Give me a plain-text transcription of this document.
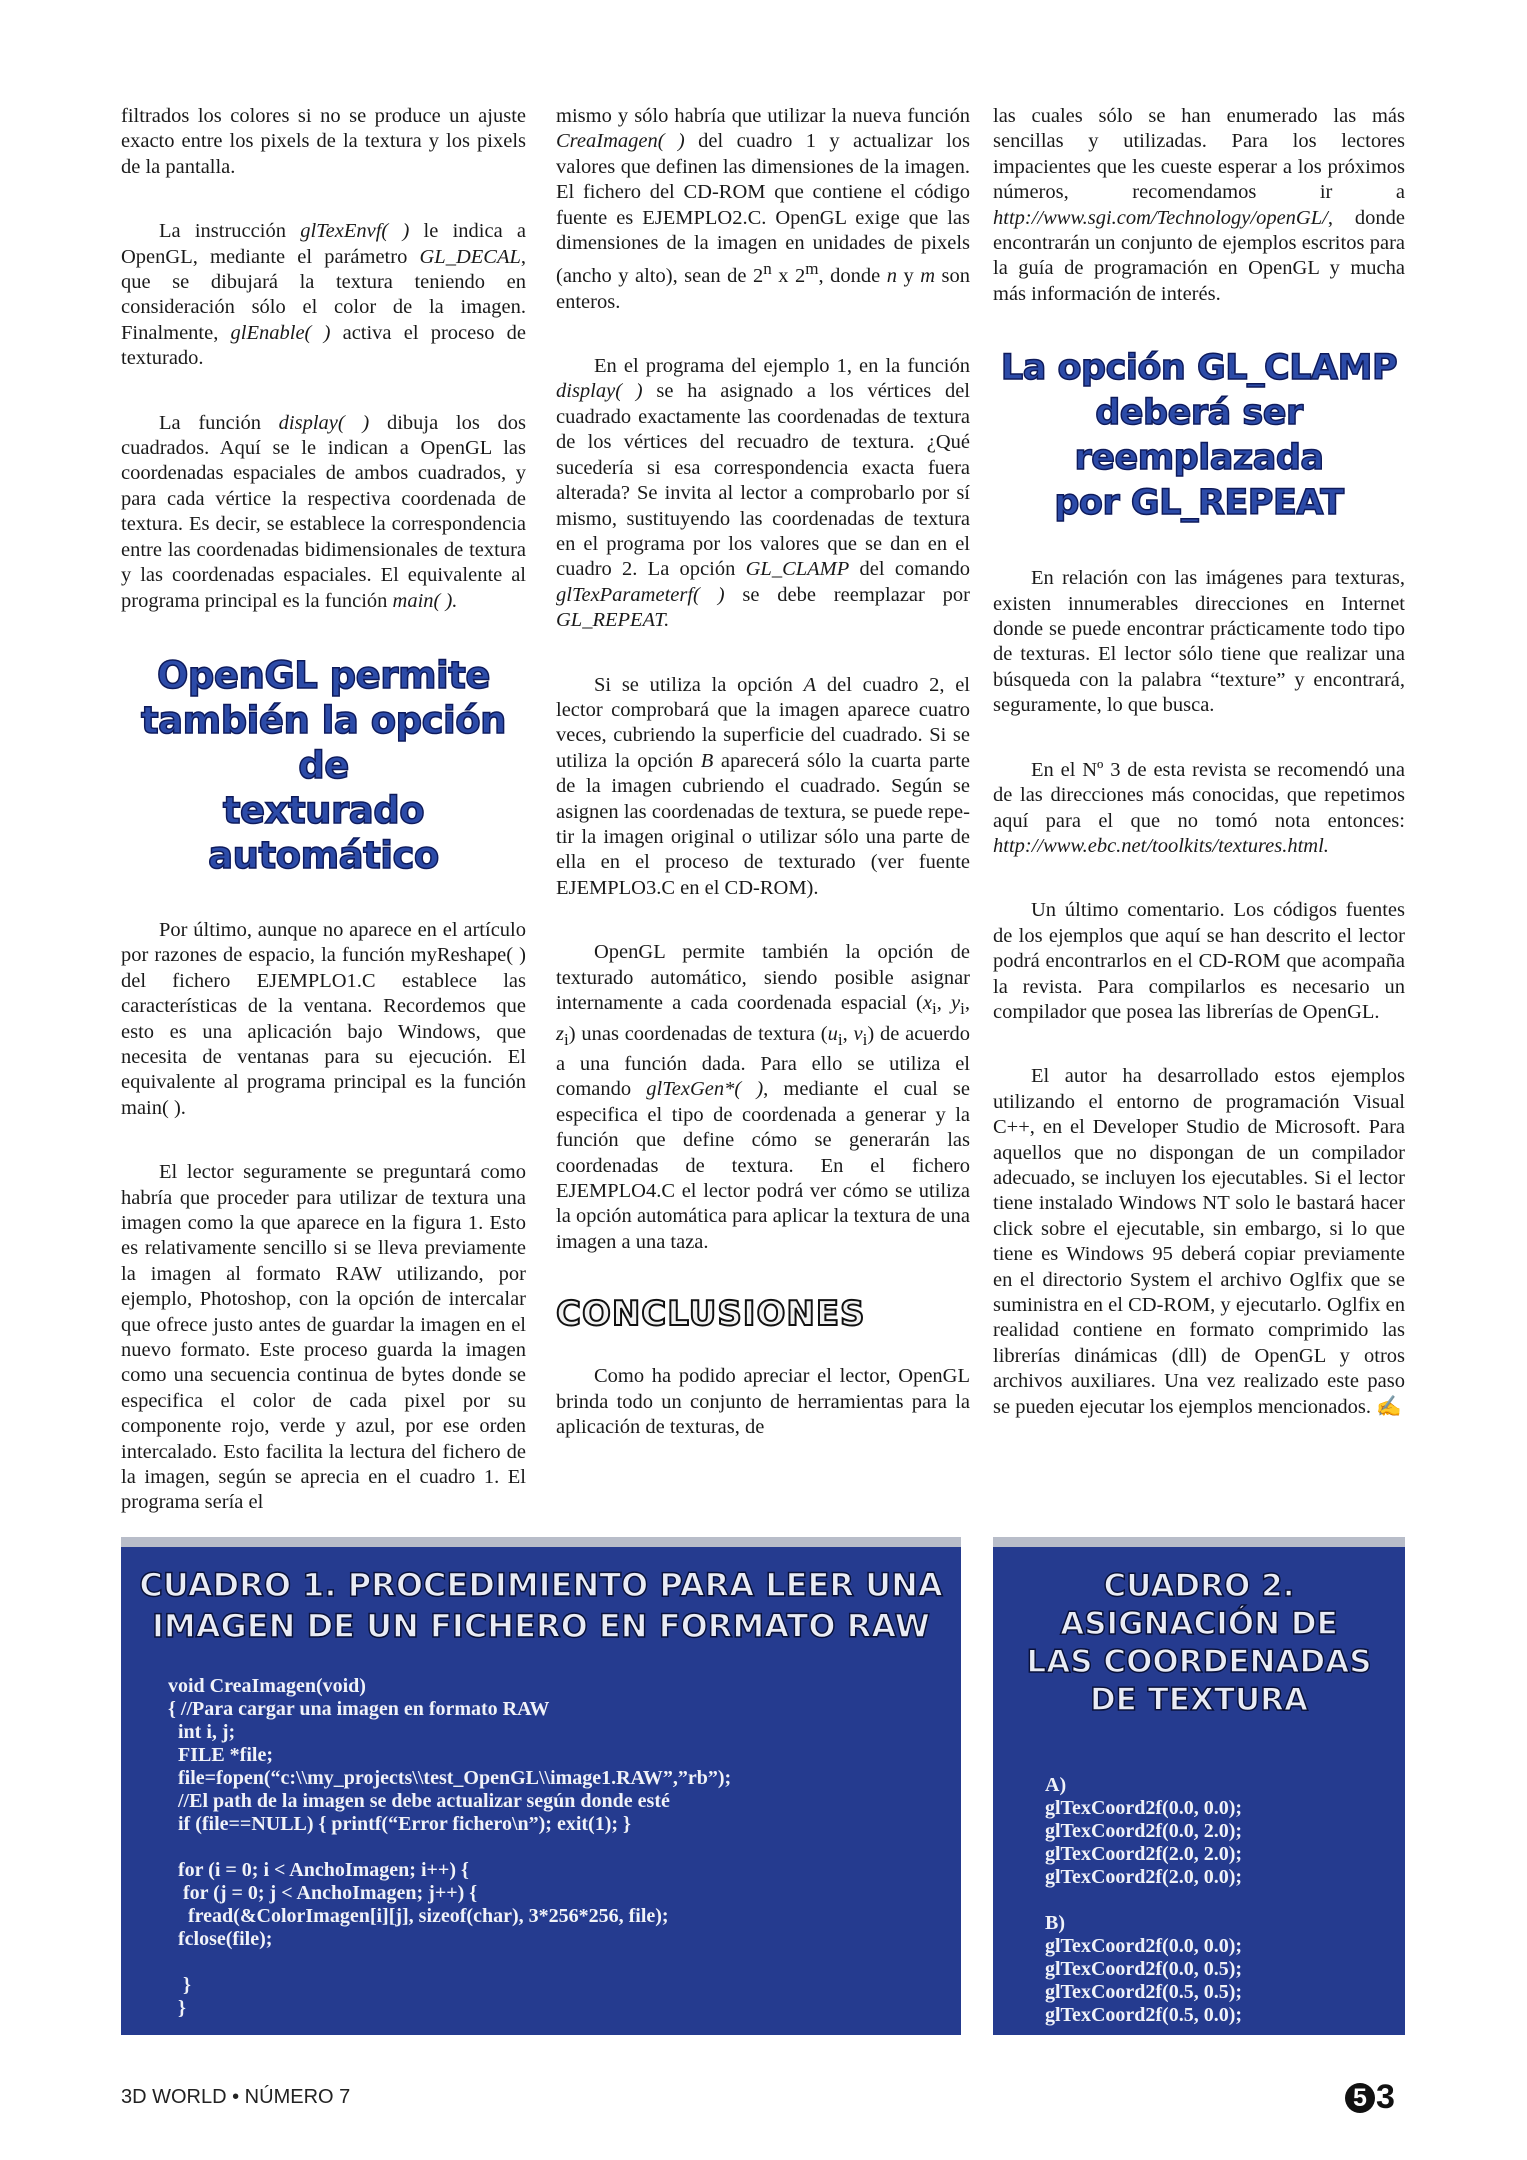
filtrados los colores si no se produce un ajuste exacto entre los pixels de la textura y los pixels de la pantalla.

La instrucción glTexEnvf( ) le indica a OpenGL, mediante el parámetro GL_DECAL, que se dibujará la textura teniendo en consideración sólo el color de la imagen. Finalmente, glEnable( ) activa el proceso de texturado.

La función display( ) dibuja los dos cuadrados. Aquí se le indican a OpenGL las coordenadas espaciales de ambos cuadrados, y para cada vértice la respectiva coordenada de textura. Es decir, se establece la correspondencia entre las coordenadas bidimensionales de textura y las coordenadas espaciales. El equivalente al programa principal es la función main( ).

OpenGL permite
también la opción de
texturado automático

Por último, aunque no aparece en el artículo por razones de espacio, la función myReshape( ) del fichero EJEMPLO1.C establece las características de la ventana. Recordemos que esto es una aplicación bajo Windows, que necesita de ventanas para su ejecución. El equivalente al programa principal es la función main( ).

El lector seguramente se preguntará como habría que proceder para utilizar de textura una imagen como la que aparece en la figura 1. Esto es relativamente sencillo si se lleva previamente la imagen al formato RAW utilizando, por ejemplo, Photoshop, con la opción de intercalar que ofrece justo antes de guardar la imagen en el nuevo formato. Este proceso guarda la imagen como una secuencia continua de bytes donde se especifica el color de cada pixel por su componente rojo, verde y azul, por ese orden intercalado. Esto facilita la lectura del fichero de la imagen, según se aprecia en el cuadro 1. El programa sería el

mismo y sólo habría que utilizar la nueva función CreaImagen( ) del cuadro 1 y actualizar los valores que definen las dimensiones de la imagen. El fichero del CD-ROM que contiene el código fuente es EJEMPLO2.C. OpenGL exige que las dimensiones de la imagen en unidades de pixels (ancho y alto), sean de 2$^n$ x 2$^m$, donde n y m son enteros.

En el programa del ejemplo 1, en la función display( ) se ha asignado a los vértices del cuadrado exactamente las coordenadas de textura de los vértices del recuadro de textura. ¿Qué sucedería si esa correspondencia exacta fuera alterada? Se invita al lector a comprobarlo por sí mismo, sustituyendo las coordenadas de textura en el programa por los valores que se dan en el cuadro 2. La opción GL_CLAMP del comando glTexParameterf( ) se debe reemplazar por GL_REPEAT.

Si se utiliza la opción A del cuadro 2, el lector comprobará que la imagen aparece cuatro veces, cubriendo la superficie del cuadrado. Si se utiliza la opción B aparecerá sólo la cuarta parte de la imagen cubriendo el cuadrado. Según se asignen las coordenadas de textura, se puede repetir la imagen original o utilizar sólo una parte de ella en el proceso de texturado (ver fuente EJEMPLO3.C en el CD-ROM).

OpenGL permite también la opción de texturado automático, siendo posible asignar internamente a cada coordenada espacial ($x_i$, $y_i$, $z_i$) unas coordenadas de textura ($u_i$, $v_i$) de acuerdo a una función dada. Para ello se utiliza el comando glTexGen*( ), mediante el cual se especifica el tipo de coordenada a generar y la función que define cómo se generarán las coordenadas de textura. En el fichero EJEMPLO4.C el lector podrá ver cómo se utiliza la opción automática para aplicar la textura de una imagen a una taza.

CONCLUSIONES

Como ha podido apreciar el lector, OpenGL brinda todo un conjunto de herramientas para la aplicación de texturas, de

las cuales sólo se han enumerado las más sencillas y utilizadas. Para los lectores impacientes que les cueste esperar a los próximos números, recomendamos ir a http://www.sgi.com/Technology/openGL/, donde encontrarán un conjunto de ejemplos escritos para la guía de programación en OpenGL y mucha más información de interés.

La opción GL_CLAMP
deberá ser reemplazada
por GL_REPEAT

En relación con las imágenes para texturas, existen innumerables direcciones en Internet donde se puede encontrar prácticamente todo tipo de texturas. El lector sólo tiene que realizar una búsqueda con la palabra “texture” y encontrará, seguramente, lo que busca.

En el Nº 3 de esta revista se recomendó una de las direcciones más conocidas, que repetimos aquí para el que no tomó nota entonces: http://www.ebc.net/toolkits/textures.html.

Un último comentario. Los códigos fuentes de los ejemplos que aquí se han descrito el lector podrá encontrarlos en el CD-ROM que acompaña la revista. Para compilarlos es necesario un compilador que posea las librerías de OpenGL.

El autor ha desarrollado estos ejemplos utilizando el entorno de programación Visual C++, en el Developer Studio de Microsoft. Para aquellos que no dispongan de un compilador adecuado, se incluyen los ejecutables. Si el lector tiene instalado Windows NT solo le bastará hacer click sobre el ejecutable, sin embargo, si lo que tiene es Windows 95 deberá copiar previamente en el directorio System el archivo Oglfix que se suministra en el CD-ROM, y ejecutarlo. Oglfix en realidad contiene en formato comprimido las librerías dinámicas (dll) de OpenGL y otros archivos auxiliares. Una vez realizado este paso se pueden ejecutar los ejemplos mencionados. ✍

CUADRO 1. PROCEDIMIENTO PARA LEER UNA
IMAGEN DE UN FICHERO EN FORMATO RAW
void CreaImagen(void)
{ //Para cargar una imagen en formato RAW
int i, j;
FILE *file;
file=fopen(“c:\\my_projects\\test_OpenGL\\image1.RAW”,”rb”);
//El path de la imagen se debe actualizar según donde esté
if (file==NULL) { printf(“Error fichero\n”); exit(1); }

for (i = 0; i < AnchoImagen; i++) {
for (j = 0; j < AnchoImagen; j++) {
fread(&ColorImagen[i][j], sizeof(char), 3*256*256, file);
fclose(file);

}
}
CUADRO 2.
ASIGNACIÓN DE
LAS COORDENADAS
DE TEXTURA
A)
glTexCoord2f(0.0, 0.0);
glTexCoord2f(0.0, 2.0);
glTexCoord2f(2.0, 2.0);
glTexCoord2f(2.0, 0.0);

B)
glTexCoord2f(0.0, 0.0);
glTexCoord2f(0.0, 0.5);
glTexCoord2f(0.5, 0.5);
glTexCoord2f(0.5, 0.0);
3D WORLD • NÚMERO 7	5 3
